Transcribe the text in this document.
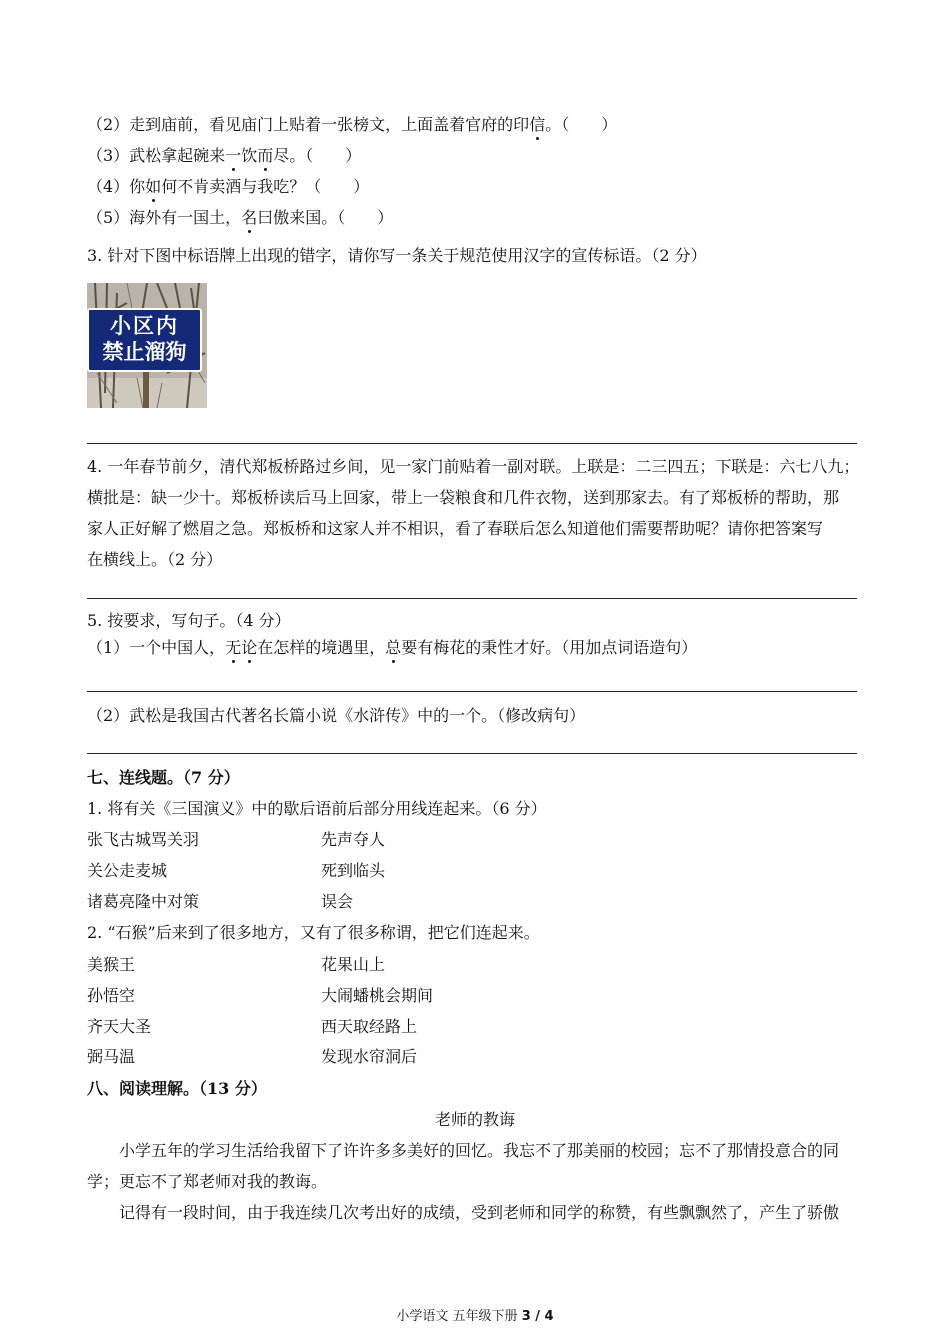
（2）走到庙前，看见庙门上贴着一张榜文，上面盖着官府的印信。（　　）
（3）武松拿起碗来一饮而尽。（　　）
（4）你如何不肯卖酒与我吃？（　　）
（5）海外有一国土，名曰傲来国。（　　）
3. 针对下图中标语牌上出现的错字，请你写一条关于规范使用汉字的宣传标语。（2 分）
小区内
禁止溜狗
4. 一年春节前夕，清代郑板桥路过乡间，见一家门前贴着一副对联。上联是：二三四五；下联是：六七八九；
横批是：缺一少十。郑板桥读后马上回家，带上一袋粮食和几件衣物，送到那家去。有了郑板桥的帮助，那
家人正好解了燃眉之急。郑板桥和这家人并不相识，看了春联后怎么知道他们需要帮助呢？请你把答案写
在横线上。（2 分）
5. 按要求，写句子。（4 分）
（1）一个中国人，无论在怎样的境遇里，总要有梅花的秉性才好。（用加点词语造句）
（2）武松是我国古代著名长篇小说《水浒传》中的一个。（修改病句）
七、连线题。（7 分）
1. 将有关《三国演义》中的歇后语前后部分用线连起来。（6 分）
张飞古城骂关羽	先声夺人
关公走麦城	死到临头
诸葛亮隆中对策	误会
2. “石猴”后来到了很多地方，又有了很多称谓，把它们连起来。
美猴王	花果山上
孙悟空	大闹蟠桃会期间
齐天大圣	西天取经路上
弼马温	发现水帘洞后
八、阅读理解。（13 分）
老师的教诲
小学五年的学习生活给我留下了许许多多美好的回忆。我忘不了那美丽的校园；忘不了那情投意合的同
学；更忘不了郑老师对我的教诲。
记得有一段时间，由于我连续几次考出好的成绩，受到老师和同学的称赞，有些飘飘然了，产生了骄傲
小学语文 五年级下册 3 / 4
